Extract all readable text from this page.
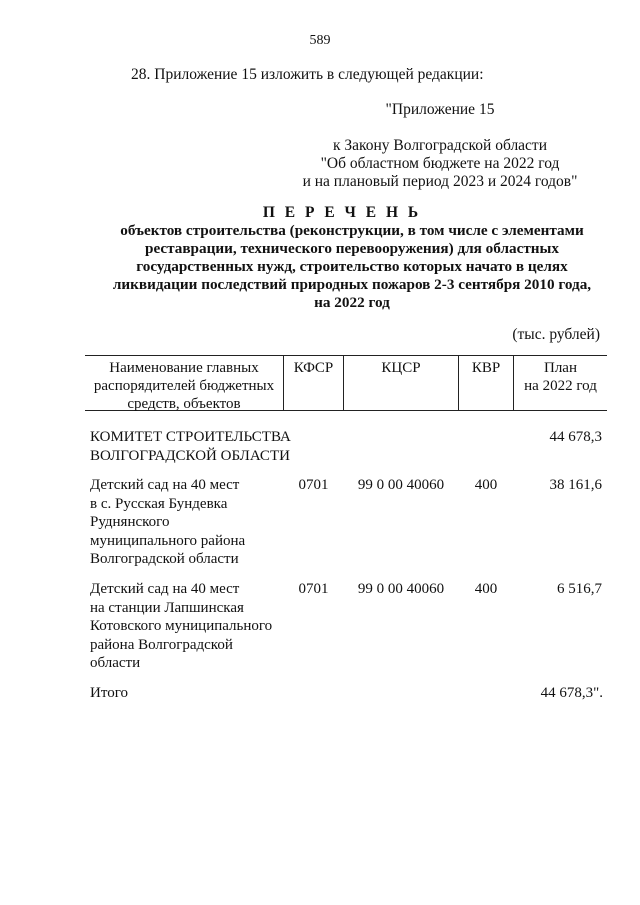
589
28. Приложение 15 изложить в следующей редакции:
"Приложение 15
к Закону Волгоградской области
"Об областном бюджете на 2022 год
и на плановый период 2023 и 2024 годов"
П Е Р Е Ч Е Н Ь
объектов строительства (реконструкции, в том числе с элементами
реставрации, технического перевооружения) для областных
государственных нужд, строительство которых начато в целях
ликвидации последствий природных пожаров 2-3 сентября 2010 года,
на 2022 год
(тыс. рублей)
Наименование главных
распорядителей бюджетных
средств, объектов
КФСР	КЦСР	КВР	План
на 2022 год
КОМИТЕТ СТРОИТЕЛЬСТВА
ВОЛГОГРАДСКОЙ ОБЛАСТИ
44 678,3
Детский сад на 40 мест
в с. Русская Бундевка
Руднянского
муниципального района
Волгоградской области
0701	99 0 00 40060	400	38 161,6
Детский сад на 40 мест
на станции Лапшинская
Котовского муниципального
района Волгоградской
области
0701	99 0 00 40060	400	6 516,7
Итого	44 678,3".
